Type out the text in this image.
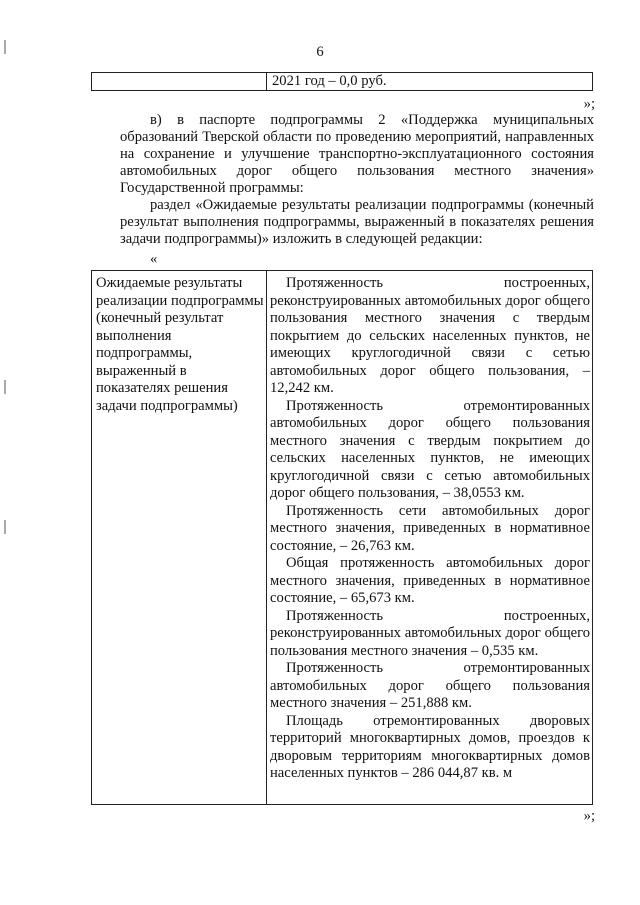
6
2021 год – 0,0 руб.
»;
в) в паспорте подпрограммы 2 «Поддержка муниципальных образований Тверской области по проведению мероприятий, направленных на сохранение и улучшение транспортно-эксплуатационного состояния автомобильных дорог общего пользования местного значения» Государственной программы:
раздел «Ожидаемые результаты реализации подпрограммы (конечный результат выполнения подпрограммы, выраженный в показателях решения задачи подпрограммы)» изложить в следующей редакции:
«
Ожидаемые результаты реализации подпрограммы (конечный результат выполнения подпрограммы, выраженный в показателях решения задачи подпрограммы)

Протяженность построенных, реконструированных автомобильных дорог общего пользования местного значения с твердым покрытием до сельских населенных пунктов, не имеющих круглогодичной связи с сетью автомобильных дорог общего пользования, – 12,242 км.

Протяженность отремонтированных автомобильных дорог общего пользования местного значения с твердым покрытием до сельских населенных пунктов, не имеющих круглогодичной связи с сетью автомобильных дорог общего пользования, – 38,0553 км.

Протяженность сети автомобильных дорог местного значения, приведенных в нормативное состояние, – 26,763 км.

Общая протяженность автомобильных дорог местного значения, приведенных в нормативное состояние, – 65,673 км.

Протяженность построенных, реконструированных автомобильных дорог общего пользования местного значения – 0,535 км.

Протяженность отремонтированных автомобильных дорог общего пользования местного значения – 251,888 км.

Площадь отремонтированных дворовых территорий многоквартирных домов, проездов к дворовым территориям многоквартирных домов населенных пунктов – 286 044,87 кв. м

»;
